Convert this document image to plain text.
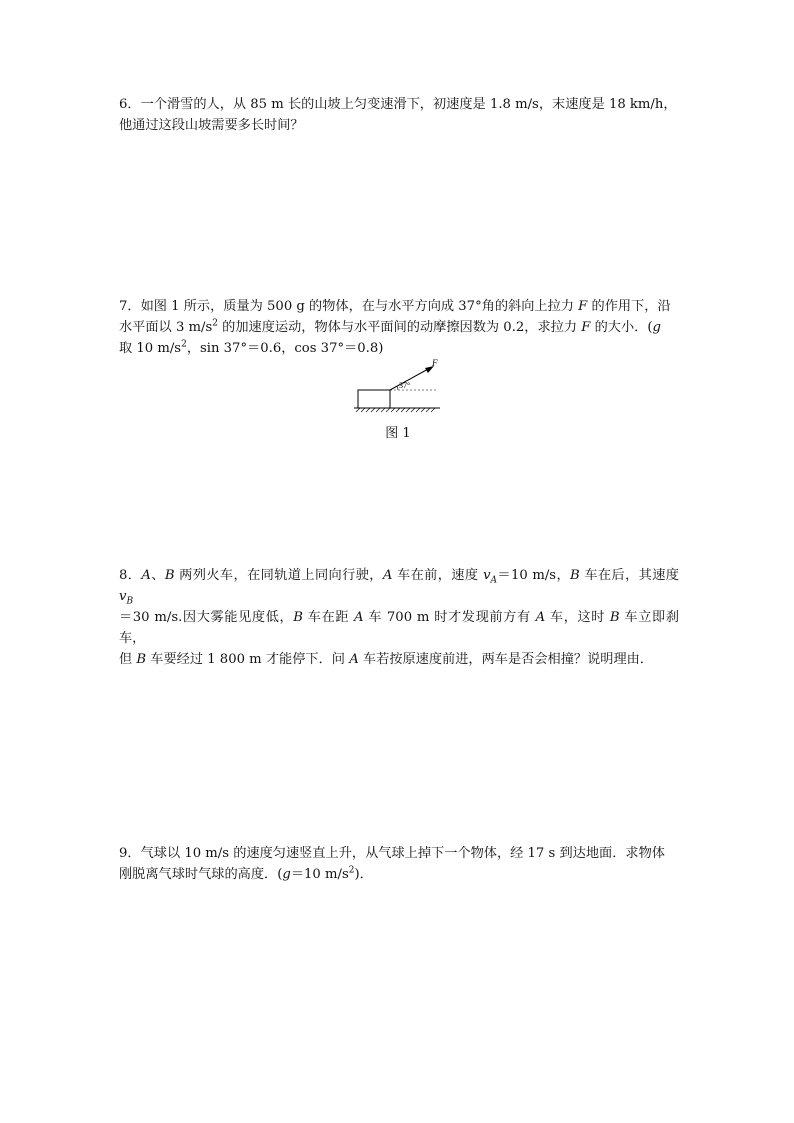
6．一个滑雪的人，从 85 m 长的山坡上匀变速滑下，初速度是 1.8 m/s，末速度是 18 km/h，

他通过这段山坡需要多长时间？

7．如图 1 所示，质量为 500 g 的物体，在与水平方向成 37°角的斜向上拉力 F 的作用下，沿

水平面以 3 $m/s^2$ 的加速度运动，物体与水平面间的动摩擦因数为 0.2，求拉力 F 的大小．(g

取 10 $m/s^2$，sin 37°＝0.6，cos 37°＝0.8)

F
37°
图 1

8．A、B 两列火车，在同轨道上同向行驶，A 车在前，速度 $v_A=10$ m/s，B 车在后，其速度 $v_B$

＝30 m/s.因大雾能见度低，B 车在距 A 车 700 m 时才发现前方有 A 车，这时 B 车立即刹车，

但 B 车要经过 1 800 m 才能停下．问 A 车若按原速度前进，两车是否会相撞？说明理由．

9．气球以 10 m/s 的速度匀速竖直上升，从气球上掉下一个物体，经 17 s 到达地面．求物体

刚脱离气球时气球的高度．(g＝10 $m/s^2$)．
